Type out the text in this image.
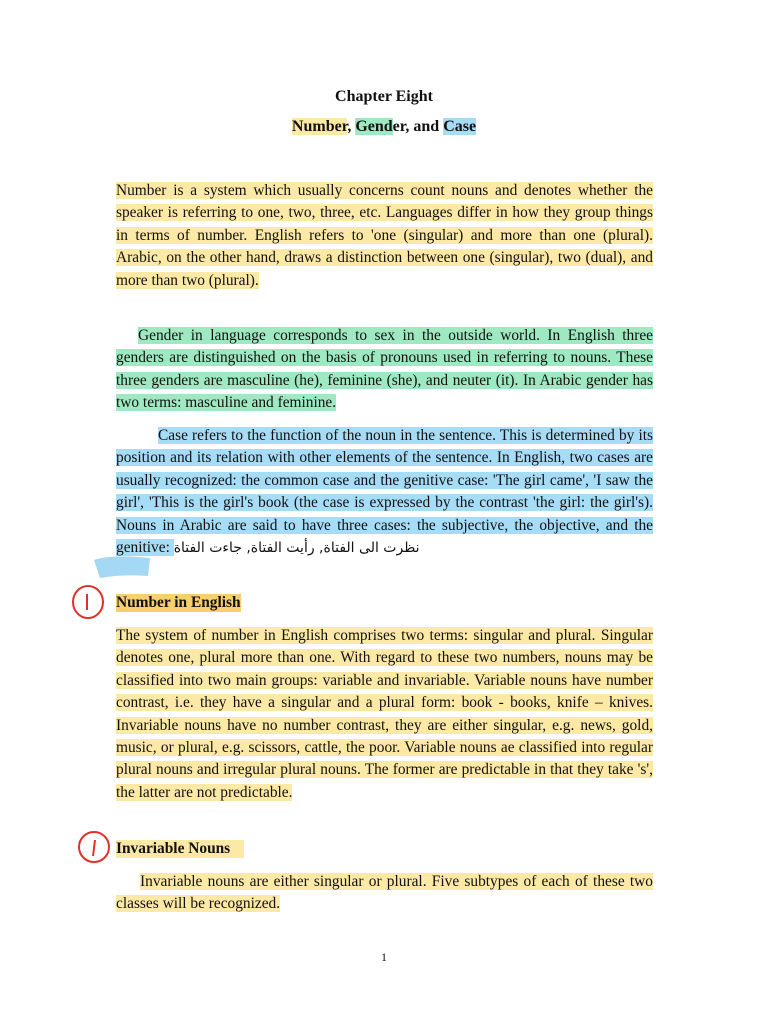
Chapter Eight
Number, Gender, and Case

Number is a system which usually concerns count nouns and denotes whether the speaker is referring to one, two, three, etc. Languages differ in how they group things in terms of number. English refers to 'one (singular) and more than one (plural). Arabic, on the other hand, draws a distinction between one (singular), two (dual), and more than two (plural).

Gender in language corresponds to sex in the outside world. In English three genders are distinguished on the basis of pronouns used in referring to nouns. These three genders are masculine (he), feminine (she), and neuter (it). In Arabic gender has two terms: masculine and feminine.

Case refers to the function of the noun in the sentence. This is determined by its position and its relation with other elements of the sentence. In English, two cases are usually recognized: the common case and the genitive case: 'The girl came', 'I saw the girl', 'This is the girl's book (the case is expressed by the contrast 'the girl: the girl's). Nouns in Arabic are said to have three cases: the subjective, the objective, and the genitive: نظرت الى الفتاة, رأيت الفتاة, جاءت الفتاة

Number in English

The system of number in English comprises two terms: singular and plural. Singular denotes one, plural more than one. With regard to these two numbers, nouns may be classified into two main groups: variable and invariable. Variable nouns have number contrast, i.e. they have a singular and a plural form: book - books, knife – knives. Invariable nouns have no number contrast, they are either singular, e.g. news, gold, music, or plural, e.g. scissors, cattle, the poor. Variable nouns ae classified into regular plural nouns and irregular plural nouns. The former are predictable in that they take 's', the latter are not predictable.

Invariable Nouns

Invariable nouns are either singular or plural. Five subtypes of each of these two classes will be recognized.

1
